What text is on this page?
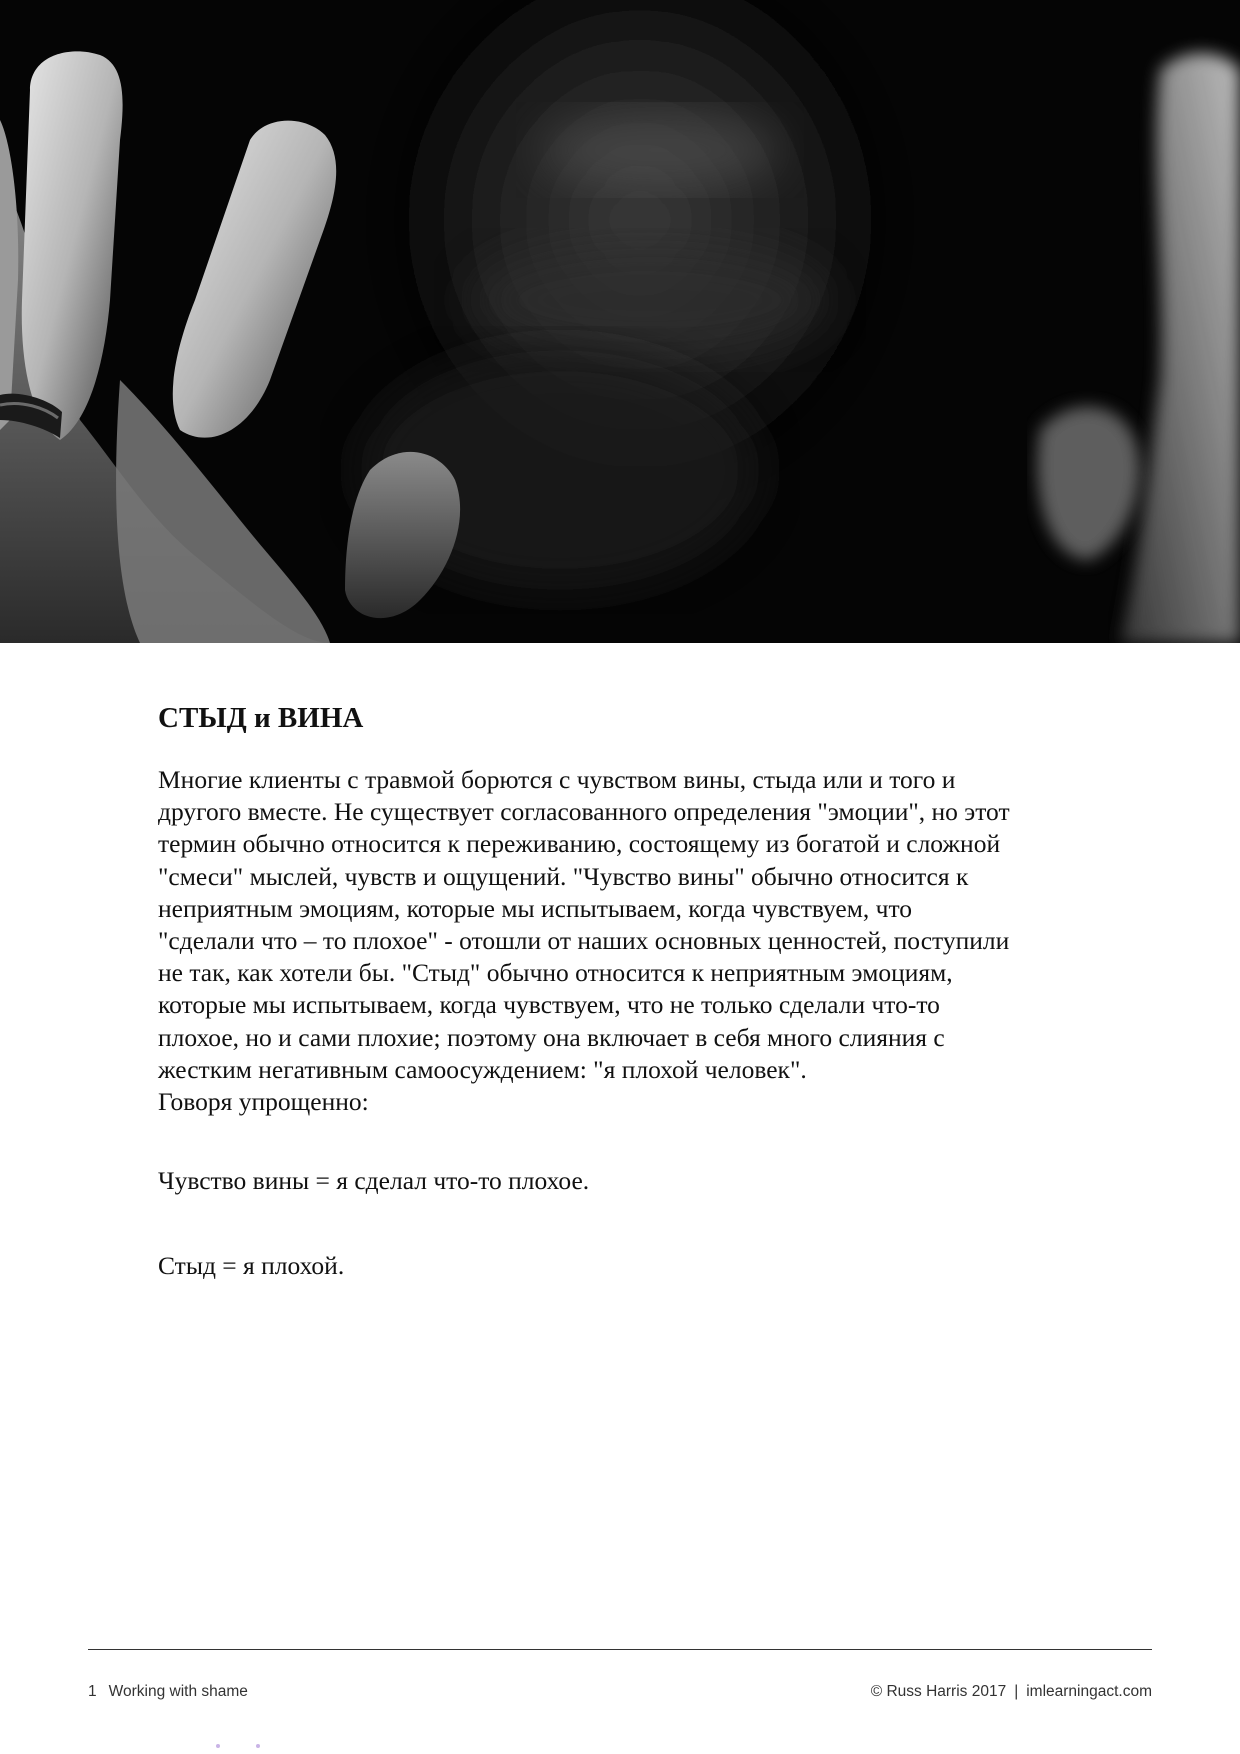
СТЫД и ВИНА

Многие клиенты с травмой борются с чувством вины, стыда или и того и
другого вместе. Не существует согласованного определения "эмоции", но этот
термин обычно относится к переживанию, состоящему из богатой и сложной
"смеси" мыслей, чувств и ощущений. "Чувство вины" обычно относится к
неприятным эмоциям, которые мы испытываем, когда чувствуем, что
"сделали что – то плохое" - отошли от наших основных ценностей, поступили
не так, как хотели бы. "Стыд" обычно относится к неприятным эмоциям,
которые мы испытываем, когда чувствуем, что не только сделали что-то
плохое, но и сами плохие; поэтому она включает в себя много слияния с
жестким негативным самоосуждением: "я плохой человек".
Говоря упрощенно:

Чувство вины = я сделал что-то плохое.

Стыд = я плохой.

1 Working with shame	© Russ Harris 2017 | imlearningact.com
